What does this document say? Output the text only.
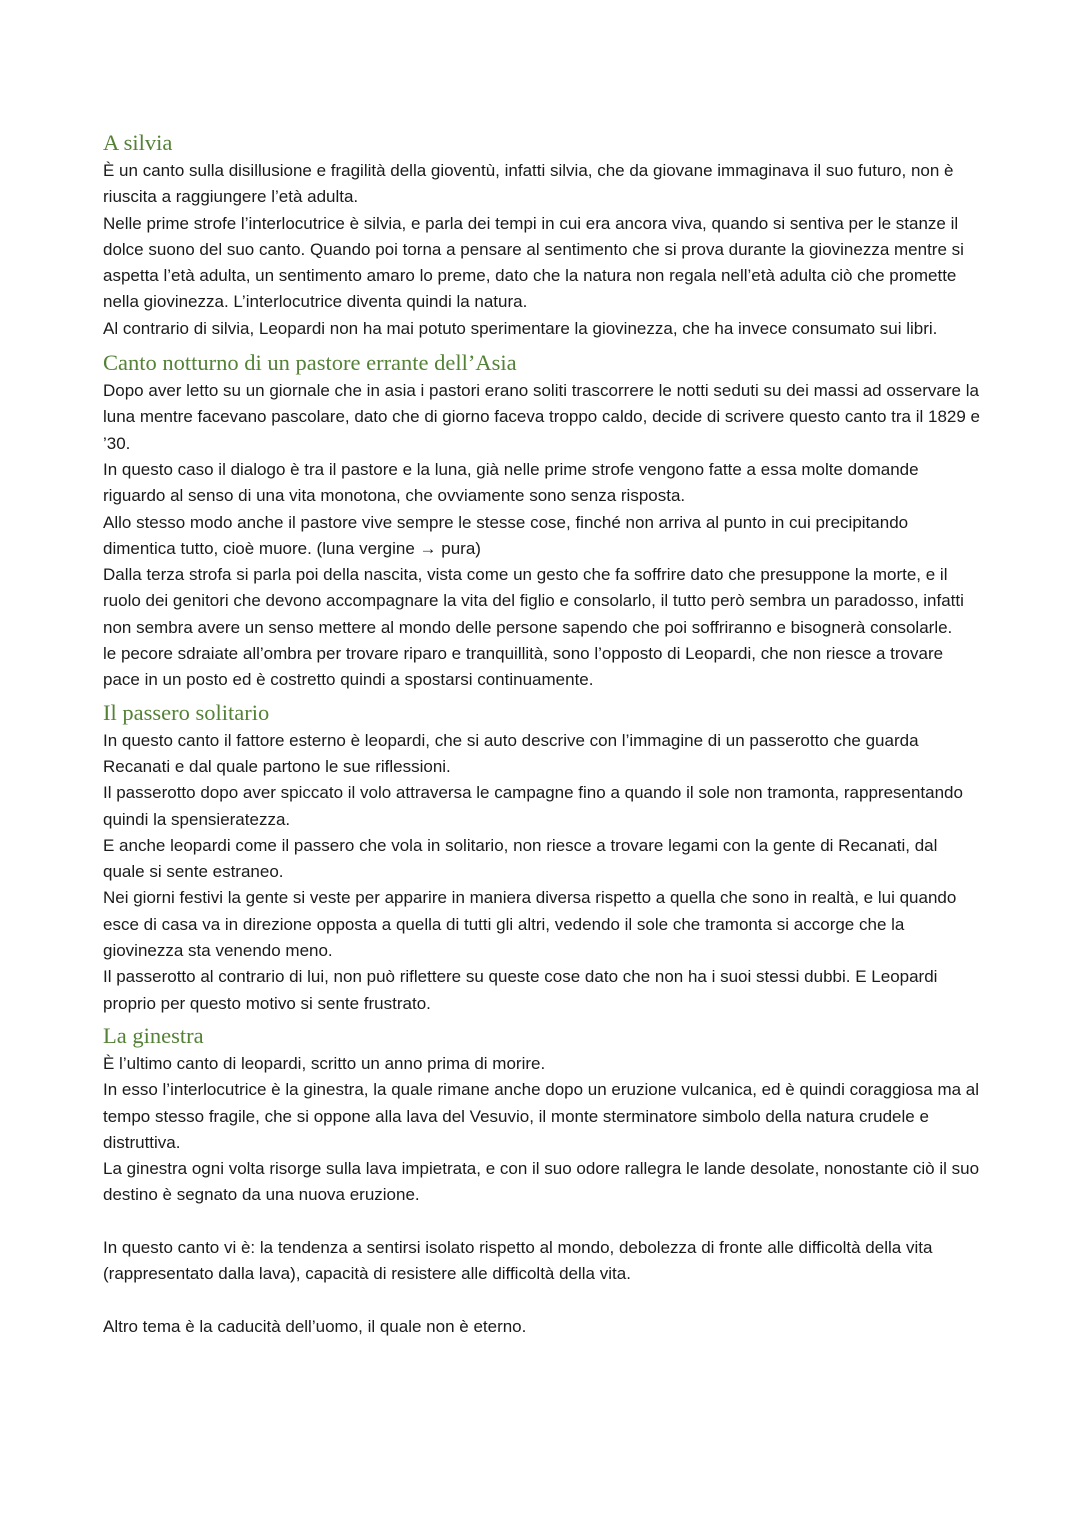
A silvia

È un canto sulla disillusione e fragilità della gioventù, infatti silvia, che da giovane immaginava il suo futuro, non è riuscita a raggiungere l’età adulta.

Nelle prime strofe l’interlocutrice è silvia, e parla dei tempi in cui era ancora viva, quando si sentiva per le stanze il dolce suono del suo canto. Quando poi torna a pensare al sentimento che si prova durante la giovinezza mentre si aspetta l’età adulta, un sentimento amaro lo preme, dato che la natura non regala nell’età adulta ciò che promette nella giovinezza. L’interlocutrice diventa quindi la natura.

Al contrario di silvia, Leopardi non ha mai potuto sperimentare la giovinezza, che ha invece consumato sui libri.

Canto notturno di un pastore errante dell’Asia

Dopo aver letto su un giornale che in asia i pastori erano soliti trascorrere le notti seduti su dei massi ad osservare la luna mentre facevano pascolare, dato che di giorno faceva troppo caldo, decide di scrivere questo canto tra il 1829 e ’30.

In questo caso il dialogo è tra il pastore e la luna, già nelle prime strofe vengono fatte a essa molte domande riguardo al senso di una vita monotona, che ovviamente sono senza risposta.

Allo stesso modo anche il pastore vive sempre le stesse cose, finché non arriva al punto in cui precipitando dimentica tutto, cioè muore. (luna vergine → pura)

Dalla terza strofa si parla poi della nascita, vista come un gesto che fa soffrire dato che presuppone la morte, e il ruolo dei genitori che devono accompagnare la vita del figlio e consolarlo, il tutto però sembra un paradosso, infatti non sembra avere un senso mettere al mondo delle persone sapendo che poi soffriranno e bisognerà consolarle.

le pecore sdraiate all’ombra per trovare riparo e tranquillità, sono l’opposto di Leopardi, che non riesce a trovare pace in un posto ed è costretto quindi a spostarsi continuamente.

Il passero solitario

In questo canto il fattore esterno è leopardi, che si auto descrive con l’immagine di un passerotto che guarda Recanati e dal quale partono le sue riflessioni.

Il passerotto dopo aver spiccato il volo attraversa le campagne fino a quando il sole non tramonta, rappresentando quindi la spensieratezza.

E anche leopardi come il passero che vola in solitario, non riesce a trovare legami con la gente di Recanati, dal quale si sente estraneo.

Nei giorni festivi la gente si veste per apparire in maniera diversa rispetto a quella che sono in realtà, e lui quando esce di casa va in direzione opposta a quella di tutti gli altri, vedendo il sole che tramonta si accorge che la giovinezza sta venendo meno.

Il passerotto al contrario di lui, non può riflettere su queste cose dato che non ha i suoi stessi dubbi. E Leopardi proprio per questo motivo si sente frustrato.

La ginestra

È l’ultimo canto di leopardi, scritto un anno prima di morire.

In esso l’interlocutrice è la ginestra, la quale rimane anche dopo un eruzione vulcanica, ed è quindi coraggiosa ma al tempo stesso fragile, che si oppone alla lava del Vesuvio, il monte sterminatore simbolo della natura crudele e distruttiva.

La ginestra ogni volta risorge sulla lava impietrata, e con il suo odore rallegra le lande desolate, nonostante ciò il suo destino è segnato da una nuova eruzione.

In questo canto vi è: la tendenza a sentirsi isolato rispetto al mondo, debolezza di fronte alle difficoltà della vita (rappresentato dalla lava), capacità di resistere alle difficoltà della vita.

Altro tema è la caducità dell’uomo, il quale non è eterno.
